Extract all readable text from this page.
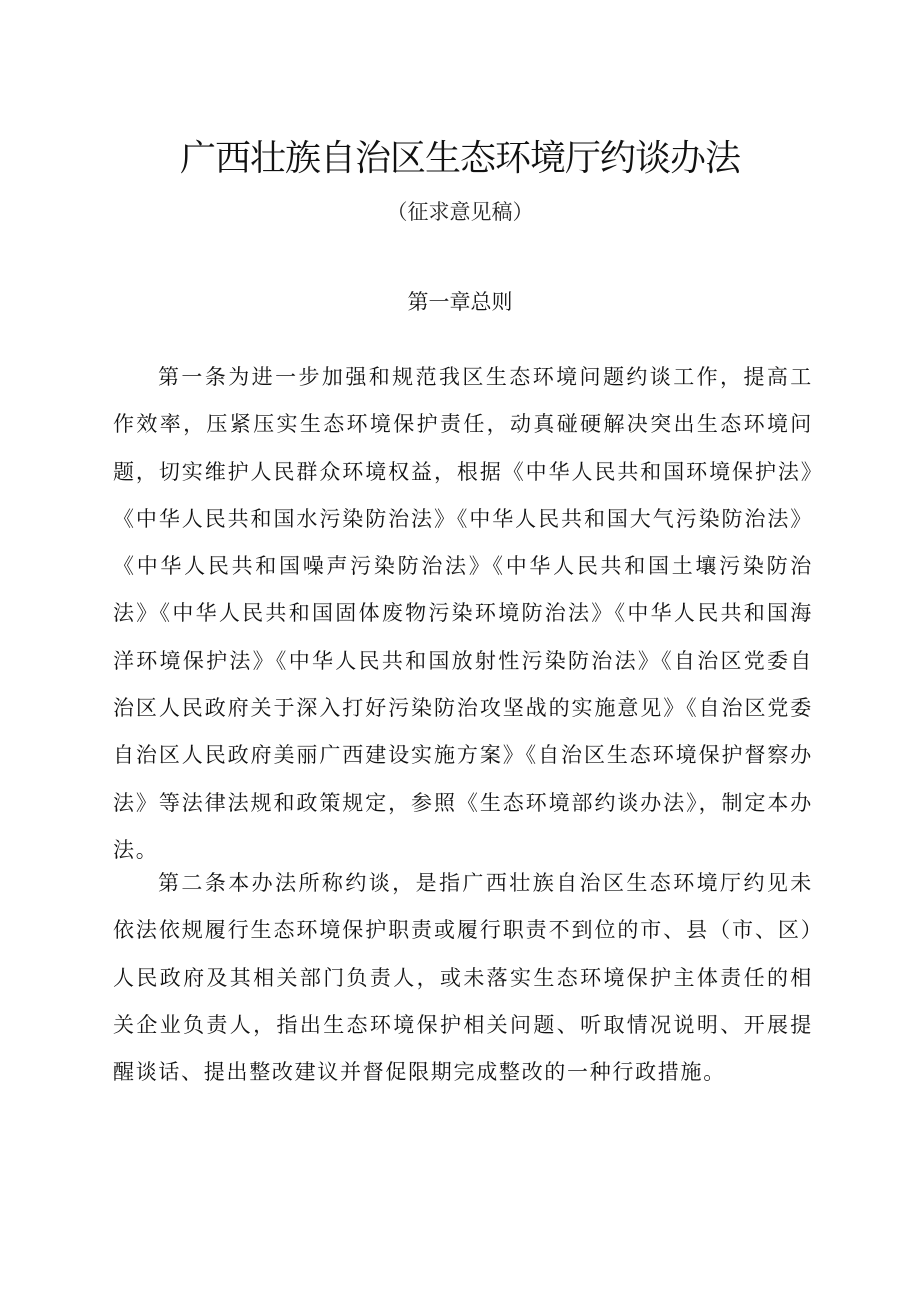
广西壮族自治区生态环境厅约谈办法
（征求意见稿）
第一章总则

第一条为进一步加强和规范我区生态环境问题约谈工作，提高工作效率，压紧压实生态环境保护责任，动真碰硬解决突出生态环境问题，切实维护人民群众环境权益，根据《中华人民共和国环境保护法》《中华人民共和国水污染防治法》《中华人民共和国大气污染防治法》《中华人民共和国噪声污染防治法》《中华人民共和国土壤污染防治法》《中华人民共和国固体废物污染环境防治法》《中华人民共和国海洋环境保护法》《中华人民共和国放射性污染防治法》《自治区党委自治区人民政府关于深入打好污染防治攻坚战的实施意见》《自治区党委自治区人民政府美丽广西建设实施方案》《自治区生态环境保护督察办法》等法律法规和政策规定，参照《生态环境部约谈办法》，制定本办法。

第二条本办法所称约谈，是指广西壮族自治区生态环境厅约见未依法依规履行生态环境保护职责或履行职责不到位的市、县（市、区）人民政府及其相关部门负责人，或未落实生态环境保护主体责任的相关企业负责人，指出生态环境保护相关问题、听取情况说明、开展提醒谈话、提出整改建议并督促限期完成整改的一种行政措施。
